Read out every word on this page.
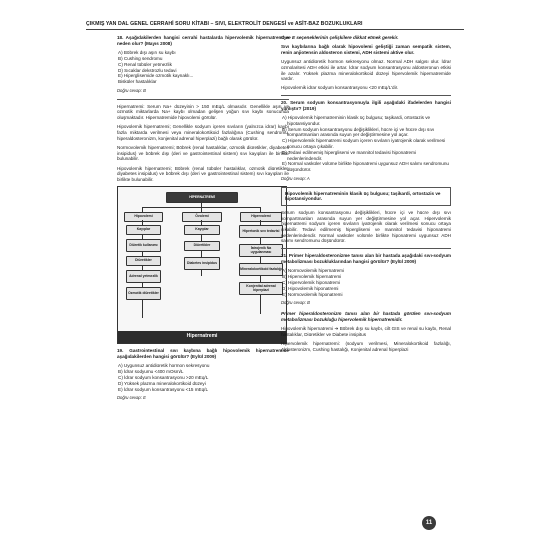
ÇIKMIŞ YAN DAL GENEL CERRAHİ SORU KİTABI – SIVI, ELEKTROLİT DENGESİ ve ASİT-BAZ BOZUKLUKLARI

18. Aşağıdakilerden hangisi cerrahi hastalarda hipervolemik hipernatremiye neden olur? (Mayıs 2008)

A) Böbrek dışı aşırı su kaybı
B) Cushing sendromu
C) Renal tübüler yetmezlik
D) Sıcaklar dekstrozlu tedavi
E) Hiperglisemide ozmotik kaynaklı...
Bisküler hastalıklar
Doğru cevap: B

Hipernatremi: Serum Na+ düzeyinin > 150 mEq/L olmasıdır. Genellikle aşırı ve ozmotik miktarlarda Na+ kaybı olmadan gelişen yoğun sıvı kaybı sonucunda oluşmaktadır. Hipernatremide hipovolemi görülür.

Hipovolemik hipernatremi; Genellikle sodyum içeren sıvıların (yalnızca idrar) kaybı fazla miktarda verilmesi veya mineralokortikoid fazlalığına (Cushing sendromu, hiperaldosteronizm, konjenital adrenal hiperplazi) bağlı olarak görülür.

Normovolemik hipernatremi; Böbrek (renal hastalıklar, ozmotik diüretikler, diyabetes insipidus) ve böbrek dışı (deri ve gastrointestinal sistem) sıvı kayıpları ile birlikte bulunabilir.

Hipovolemik hipernatremi; Böbrek (renal tübüler hastalıklar, ozmotik diüretikler, diyabetes insipidus) ve böbrek dışı (deri ve gastrointestinal sistem) sıvı kayıpları ile birlikte bulunabilir.

HİPERNATREMİ
Hipovolemi	Övolemi	Hipervolemi
Kayıplar
Diüretik kullanımı
Diüretikler
Adrenal yetmezlik
Ozmotik diüretikler
Kayıplar
Diüretikler
Diabetes insipidus
Hipertonik sıvı tedavisi
İatrojenik Na uygulanması
Mineralokortikoid fazlalığı
Konjenital adrenal hiperplazi
Hipernatremi

19. Gastrointestinal sıvı kaybına bağlı hipovolemik hipernatremide aşağıdakilerden hangisi görülür? (Eylül 2009)

A) Uygunsuz antidiüretik hormon sekresyonu
B) İdrar sodyumu <400 mOsm/L
C) İdrar sodyum konsantrasyonu >20 mEq/L
D) Yüksek plazma mineralokortikoid düzeyi
E) İdrar sodyum konsantrasyonu <15 mEq/L
Doğru cevap: E

C ve E seçeneklerinin çelişkilere dikkat etmek gerekir.

Sıvı kaybılarına bağlı olarak hipovolemi geliştiği zaman sempatik sistem, renin anjiotensin aldosteron sistemi, ADH sistemi aktive olur.

Uygunsuz antidiüretik hormon sekresyonu olmaz. Normal ADH salgısı olur. İdrar ozmolaritesi ADH etkisi ile artar. İdrar sodyum konsantrasyonu aldosteronun etkisi ile azalır. Yüksek plazma mineralokortikoid düzeyi hipervolemik hipernatremide vardır.

Hipovolemik idrar sodyum konsantrasyonu <20 mEq/L'dir.

20. Serum sodyum konsantrasyonuyla ilgili aşağıdaki ifadelerden hangisi yanlıştır? (2019)

A) Hipovolemik hipernatreminin klasik üç bulgusu; taşikardi, ortostazis ve hipotansiyondur.
B) Serum sodyum konsantrasyonu değişiklikleri, hücre içi ve hücre dışı sıvı kompartmanları arasında suyun yer değiştirmesine yol açar.
C) Hipervolemik hipernatremi sodyum içeren sıvıların iyatrojenik olarak verilmesi sonucu ortaya çıkabilir.
D) Tedavi edilmemiş hiperglisemi ve mannitol tedavisi hiponatremi nedenlerindendir.
E) Normal vasküler volüme birlikte hiponatremi uygunsuz ADH salımı sendromunu düşündürür.
Doğru cevap: A
Hipovolemik hipernatreminin klasik üç bulgusu; taşikardi, ortostazis ve hipotansiyondur.

Serum sodyum konsantrasyonu değişiklikleri, hücre içi ve hücre dışı sıvı kompartmanları arasında suyun yer değiştirmesine yol açar. Hipervolemik hipernatremi sodyum içeren sıvıların iyatrojenik olarak verilmesi sonucu ortaya çıkabilir. Tedavi edilmemiş hiperglisemi ve mannitol tedavisi hiponatremi nedenlerindendir. Normal vasküler volümle birlikte hiponatremi uygunsuz ADH salımı sendromunu düşündürür.

21. Primer hiperaldosteronizme tanısı alan bir hastada aşağıdaki sıvı-sodyum metabolizması bozukluklarından hangisi görülür? (Eylül 2009)

A) Normovolemik hipernatremi
B) Hipervolemik hipernatremi
C) Hipervolemik hiponatremi
D) Hipovolemik hiponatremi
E) Normovolemik hiponatremi
Doğru cevap: B

Primer hiperaldosteronizm tanısı alan bir hastada görülen sıvı-sodyum metabolizması bozukluğu hipervolemik hipernatremidir.

Hipovolemik hipernatremi ➔ Böbrek dışı su kaybı, cilt GIS ve renal su kaybı, Renal hastalıklar, Diüretikler ve Diabete insipitus

Hipervolemik hipernatremi: (sodyum verilmesi, Mineralokortikoid fazlalığı, Aldosteronizm, Cushing hastalığı, Konjenital adrenal hiperplazi

11
